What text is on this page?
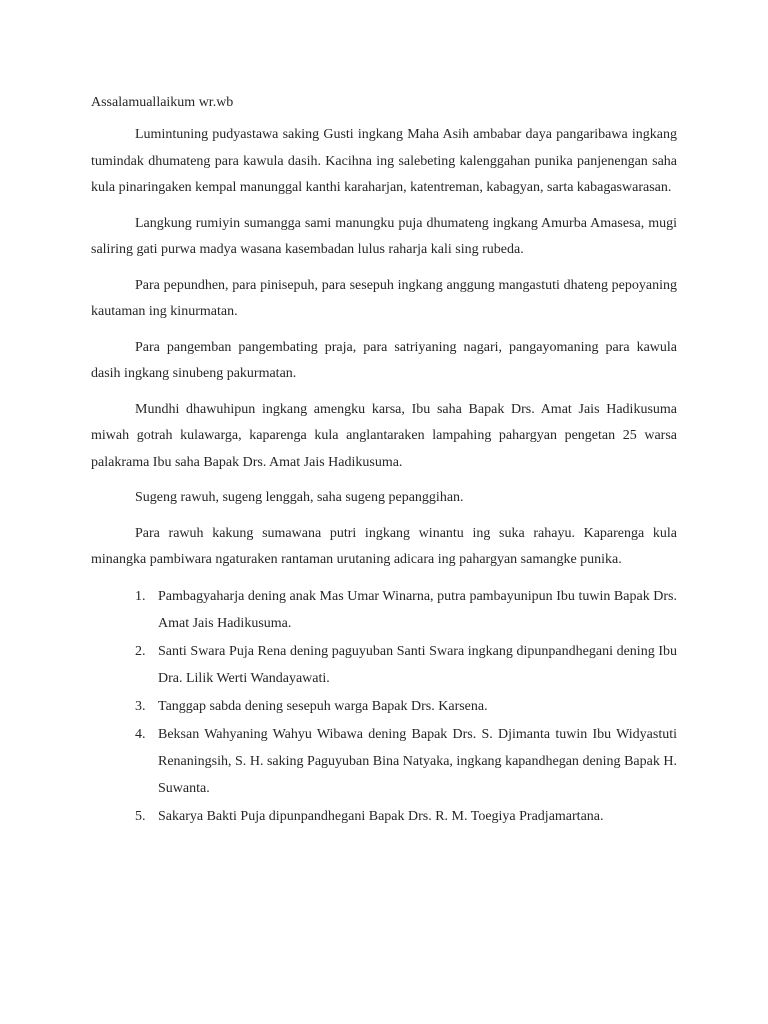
Assalamuallaikum wr.wb

Lumintuning pudyastawa saking Gusti ingkang Maha Asih ambabar daya pangaribawa ingkang tumindak dhumateng para kawula dasih. Kacihna ing salebeting kalenggahan punika panjenengan saha kula pinaringaken kempal manunggal kanthi karaharjan, katentreman, kabagyan, sarta kabagaswarasan.

Langkung rumiyin sumangga sami manungku puja dhumateng ingkang Amurba Amasesa, mugi saliring gati purwa madya wasana kasembadan lulus raharja kali sing rubeda.

Para pepundhen, para pinisepuh, para sesepuh ingkang anggung mangastuti dhateng pepoyaning kautaman ing kinurmatan.

Para pangemban pangembating praja, para satriyaning nagari, pangayomaning para kawula dasih ingkang sinubeng pakurmatan.

Mundhi dhawuhipun ingkang amengku karsa, Ibu saha Bapak Drs. Amat Jais Hadikusuma miwah gotrah kulawarga, kaparenga kula anglantaraken lampahing pahargyan pengetan 25 warsa palakrama Ibu saha Bapak Drs. Amat Jais Hadikusuma.

Sugeng rawuh, sugeng lenggah, saha sugeng pepanggihan.

Para rawuh kakung sumawana putri ingkang winantu ing suka rahayu. Kaparenga kula minangka pambiwara ngaturaken rantaman urutaning adicara ing pahargyan samangke punika.

1. Pambagyaharja dening anak Mas Umar Winarna, putra pambayunipun Ibu tuwin Bapak Drs. Amat Jais Hadikusuma.
2. Santi Swara Puja Rena dening paguyuban Santi Swara ingkang dipunpandhegani dening Ibu Dra. Lilik Werti Wandayawati.
3. Tanggap sabda dening sesepuh warga Bapak Drs. Karsena.
4. Beksan Wahyaning Wahyu Wibawa dening Bapak Drs. S. Djimanta tuwin Ibu Widyastuti Renaningsih, S. H. saking Paguyuban Bina Natyaka, ingkang kapandhegan dening Bapak H. Suwanta.
5. Sakarya Bakti Puja dipunpandhegani Bapak Drs. R. M. Toegiya Pradjamartana.
